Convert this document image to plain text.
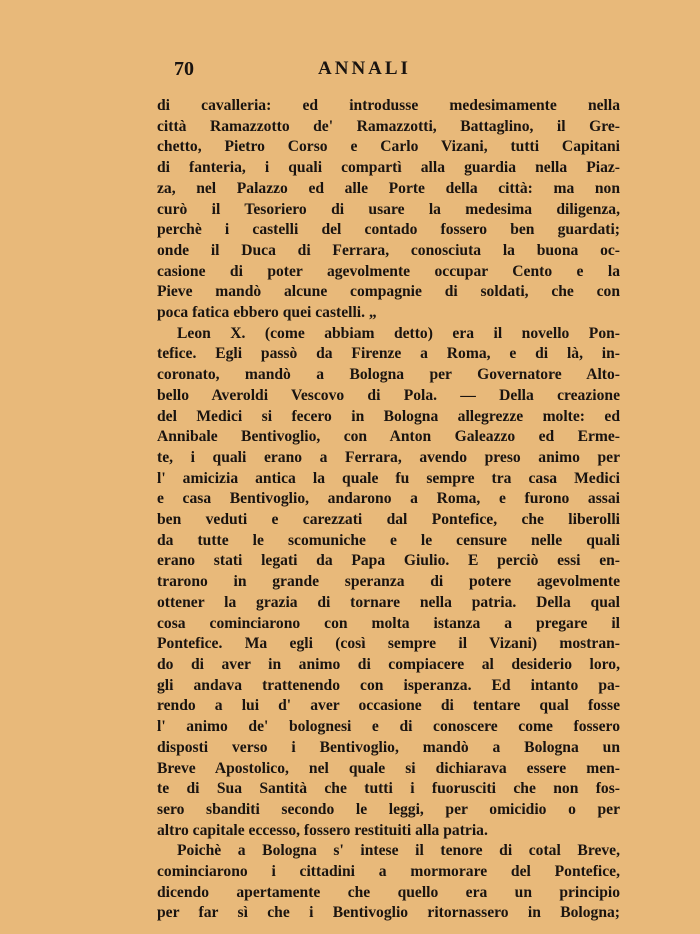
70	ANNALI
di cavalleria: ed introdusse medesimamente nella
città Ramazzotto de' Ramazzotti, Battaglino, il Gre-
chetto, Pietro Corso e Carlo Vizani, tutti Capitani
di fanteria, i quali compartì alla guardia nella Piaz-
za, nel Palazzo ed alle Porte della città: ma non
curò il Tesoriero di usare la medesima diligenza,
perchè i castelli del contado fossero ben guardati;
onde il Duca di Ferrara, conosciuta la buona oc-
casione di poter agevolmente occupar Cento e la
Pieve mandò alcune compagnie di soldati, che con
poca fatica ebbero quei castelli. „
Leon X. (come abbiam detto) era il novello Pon-
tefice. Egli passò da Firenze a Roma, e di là, in-
coronato, mandò a Bologna per Governatore Alto-
bello Averoldi Vescovo di Pola. — Della creazione
del Medici si fecero in Bologna allegrezze molte: ed
Annibale Bentivoglio, con Anton Galeazzo ed Erme-
te, i quali erano a Ferrara, avendo preso animo per
l' amicizia antica la quale fu sempre tra casa Medici
e casa Bentivoglio, andarono a Roma, e furono assai
ben veduti e carezzati dal Pontefice, che liberolli
da tutte le scomuniche e le censure nelle quali
erano stati legati da Papa Giulio. E perciò essi en-
trarono in grande speranza di potere agevolmente
ottener la grazia di tornare nella patria. Della qual
cosa cominciarono con molta istanza a pregare il
Pontefice. Ma egli (così sempre il Vizani) mostran-
do di aver in animo di compiacere al desiderio loro,
gli andava trattenendo con isperanza. Ed intanto pa-
rendo a lui d' aver occasione di tentare qual fosse
l' animo de' bolognesi e di conoscere come fossero
disposti verso i Bentivoglio, mandò a Bologna un
Breve Apostolico, nel quale si dichiarava essere men-
te di Sua Santità che tutti i fuorusciti che non fos-
sero sbanditi secondo le leggi, per omicidio o per
altro capitale eccesso, fossero restituiti alla patria.
Poichè a Bologna s' intese il tenore di cotal Breve,
cominciarono i cittadini a mormorare del Pontefice,
dicendo apertamente che quello era un principio
per far sì che i Bentivoglio ritornassero in Bologna;
